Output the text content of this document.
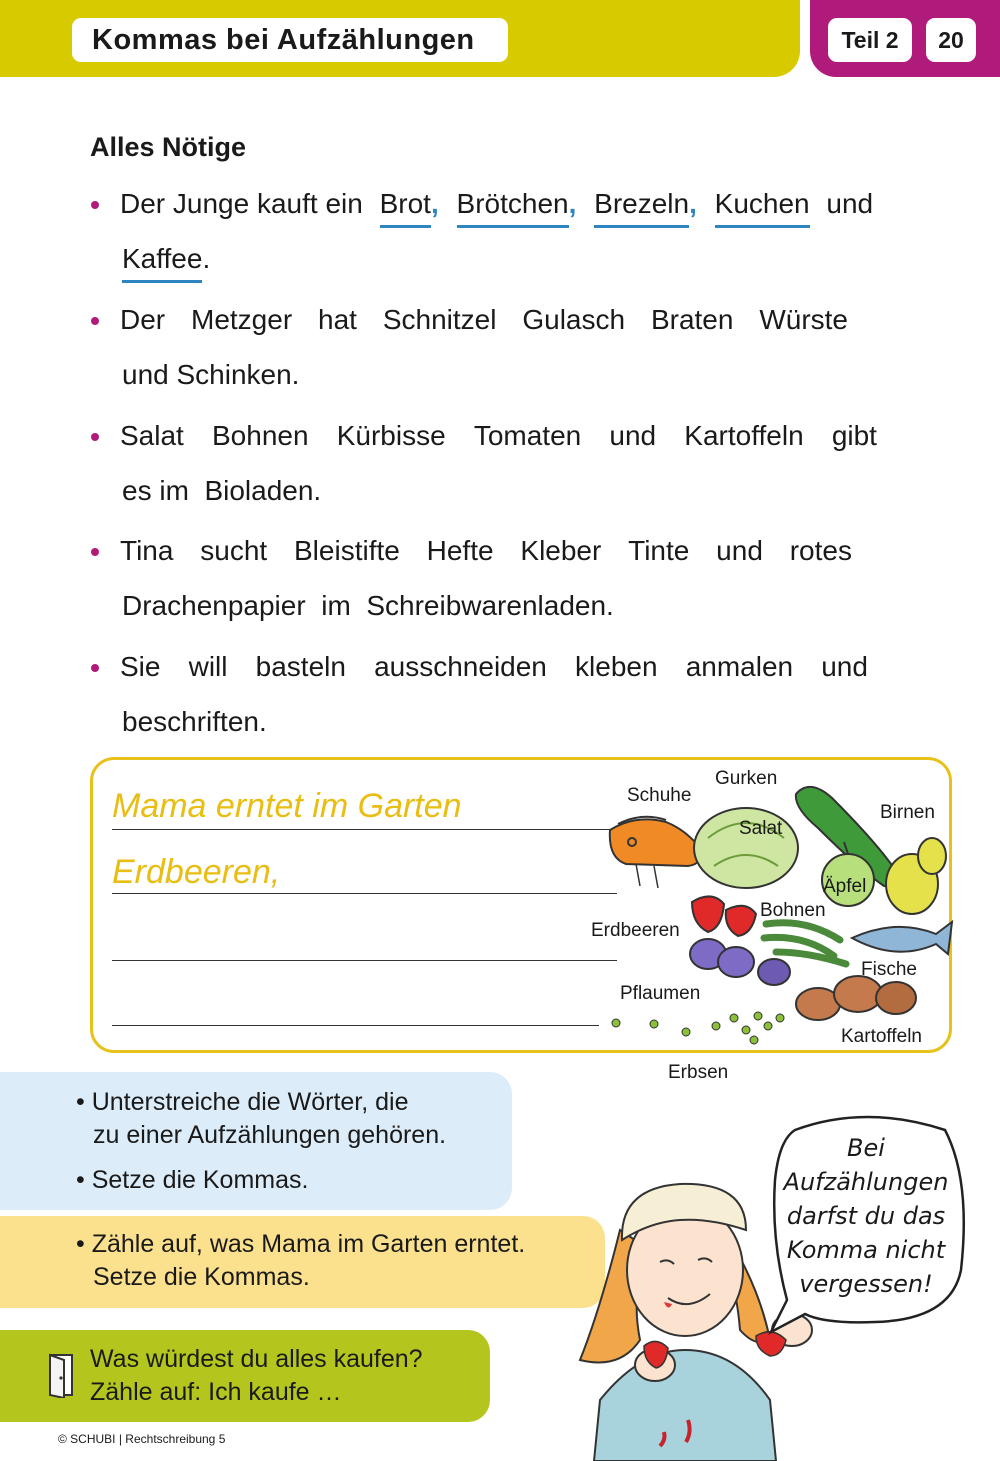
Kommas bei Aufzählungen	Teil 2	20
Alles Nötige
Der Junge kauft ein Brot, Brötchen, Brezeln, Kuchen und
Kaffee.
Der Metzger hat Schnitzel Gulasch Braten Würste
und Schinken.
Salat Bohnen Kürbisse Tomaten und Kartoffeln gibt
es im  Bioladen.
Tina sucht Bleistifte Hefte Kleber Tinte und rotes
Drachenpapier  im  Schreibwarenladen.
Sie will basteln ausschneiden kleben anmalen und
beschriften.
Mama erntet im Garten
Erdbeeren,
Schuhe
Gurken
Birnen
Salat
Äpfel
Bohnen
Erdbeeren
Fische
Pflaumen
Kartoffeln
Erbsen
• Unterstreiche die Wörter, die
zu einer Aufzählungen gehören.
• Setze die Kommas.
• Zähle auf, was Mama im Garten erntet.
Setze die Kommas.
Was würdest du alles kaufen?
Zähle auf: Ich kaufe …
© SCHUBI | Rechtschreibung 5
Bei
Aufzählungen
darfst du das
Komma nicht
vergessen!
